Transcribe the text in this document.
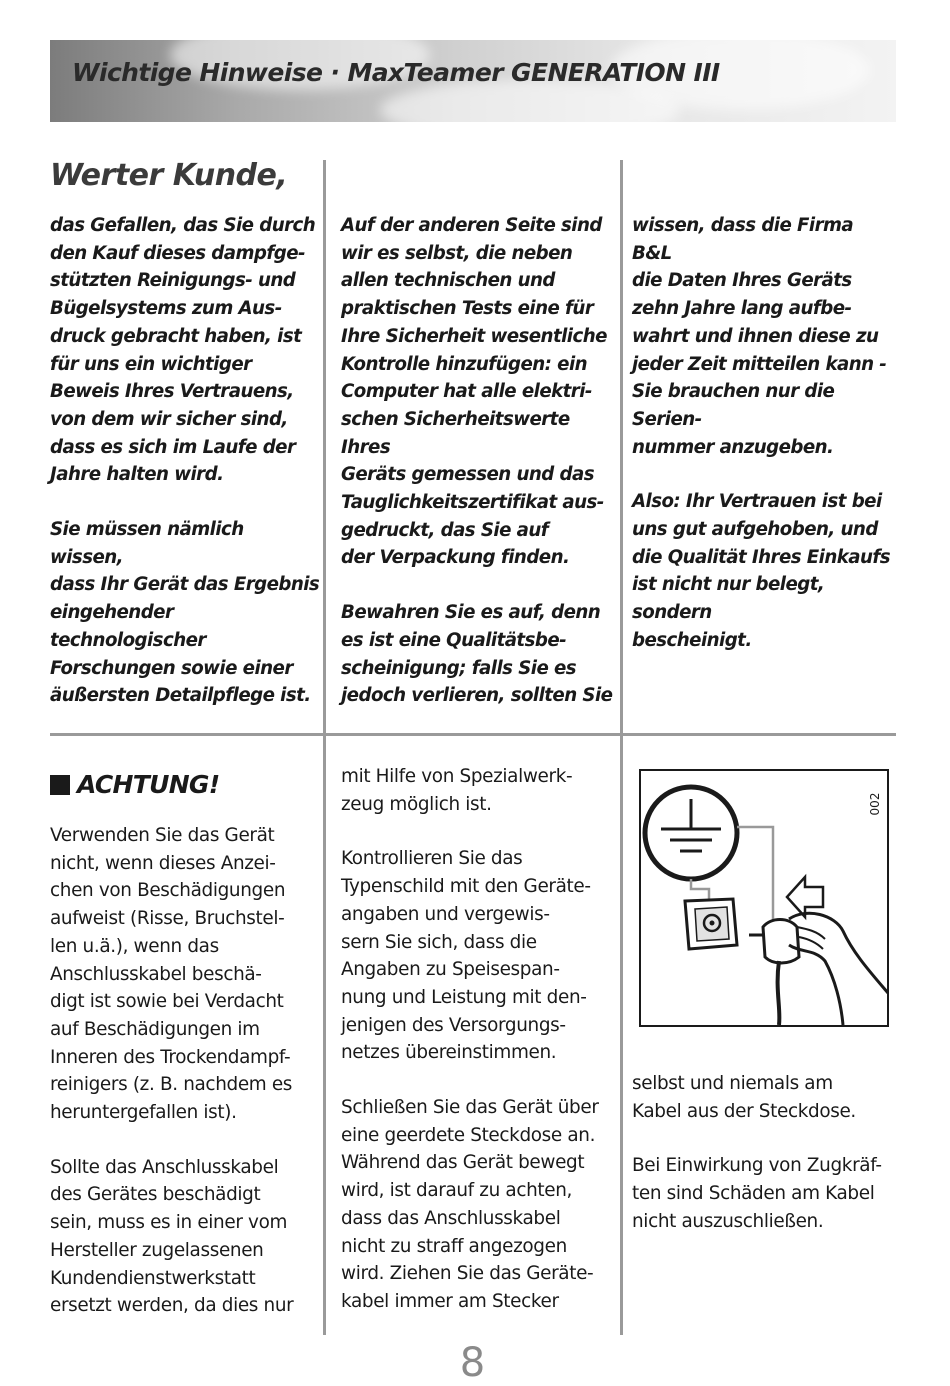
Wichtige Hinweise · MaxTeamer GENERATION III
Werter Kunde,

das Gefallen, das Sie durch
den Kauf dieses dampfge-
stützten Reinigungs- und
Bügelsystems zum Aus-
druck gebracht haben, ist
für uns ein wichtiger
Beweis Ihres Vertrauens,
von dem wir sicher sind,
dass es sich im Laufe der
Jahre halten wird.

Sie müssen nämlich wissen,
dass Ihr Gerät das Ergebnis
eingehender technologischer
Forschungen sowie einer
äußersten Detailpflege ist.

Auf der anderen Seite sind
wir es selbst, die neben
allen technischen und
praktischen Tests eine für
Ihre Sicherheit wesentliche
Kontrolle hinzufügen: ein
Computer hat alle elektri-
schen Sicherheitswerte Ihres
Geräts gemessen und das
Tauglichkeitszertifikat aus-
gedruckt, das Sie auf
der Verpackung finden.

Bewahren Sie es auf, denn
es ist eine Qualitätsbe-
scheinigung; falls Sie es
jedoch verlieren, sollten Sie

wissen, dass die Firma B&L
die Daten Ihres Geräts
zehn Jahre lang aufbe-
wahrt und ihnen diese zu
jeder Zeit mitteilen kann -
Sie brauchen nur die Serien-
nummer anzugeben.

Also: Ihr Vertrauen ist bei
uns gut aufgehoben, und
die Qualität Ihres Einkaufs
ist nicht nur belegt, sondern
bescheinigt.

ACHTUNG!

Verwenden Sie das Gerät
nicht, wenn dieses Anzei-
chen von Beschädigungen
aufweist (Risse, Bruchstel-
len u.ä.), wenn das
Anschlusskabel beschä-
digt ist sowie bei Verdacht
auf Beschädigungen im
Inneren des Trockendampf-
reinigers (z. B. nachdem es
heruntergefallen ist).

Sollte das Anschlusskabel
des Gerätes beschädigt
sein, muss es in einer vom
Hersteller zugelassenen
Kundendienstwerkstatt
ersetzt werden, da dies nur

mit Hilfe von Spezialwerk-
zeug möglich ist.

Kontrollieren Sie das
Typenschild mit den Geräte-
angaben und vergewis-
sern Sie sich, dass die
Angaben zu Speisespan-
nung und Leistung mit den-
jenigen des Versorgungs-
netzes übereinstimmen.

Schließen Sie das Gerät über
eine geerdete Steckdose an.
Während das Gerät bewegt
wird, ist darauf zu achten,
dass das Anschlusskabel
nicht zu straff angezogen
wird. Ziehen Sie das Geräte-
kabel immer am Stecker

selbst und niemals am
Kabel aus der Steckdose.

Bei Einwirkung von Zugkräf-
ten sind Schäden am Kabel
nicht auszuschließen.

002
8
